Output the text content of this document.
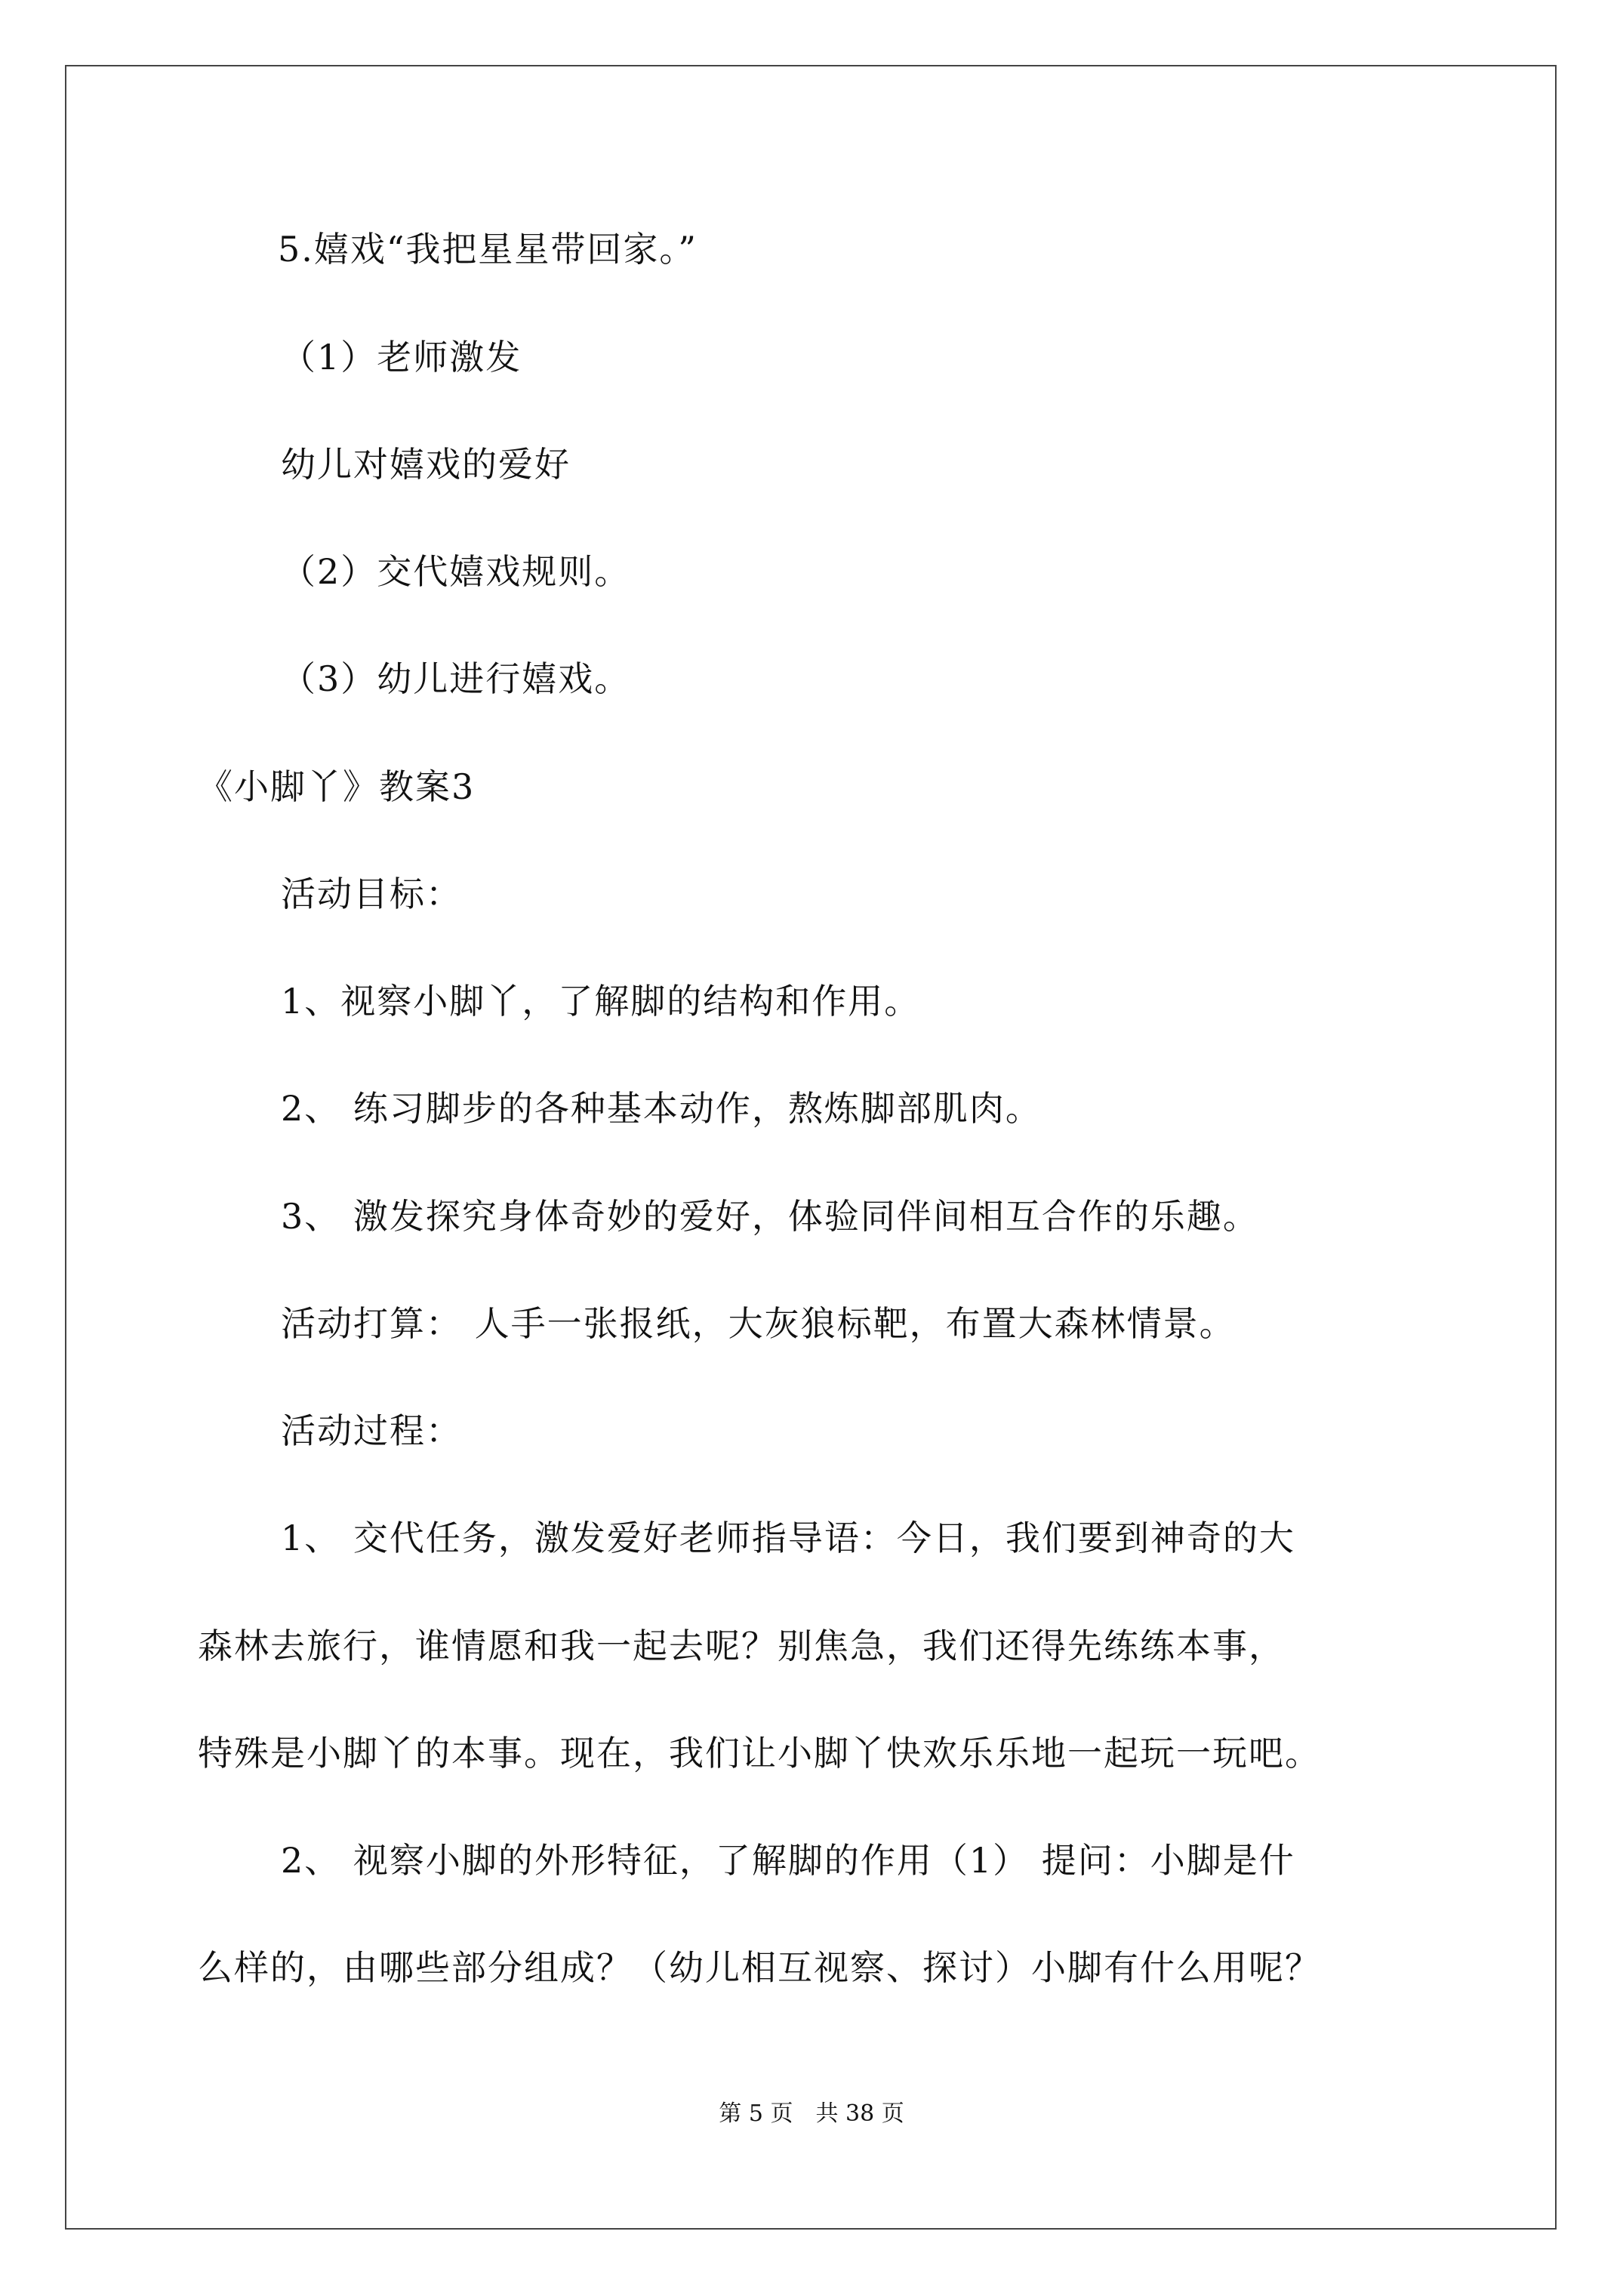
5.嬉戏“我把星星带回家。”
（1）老师激发
幼儿对嬉戏的爱好
（2）交代嬉戏规则。
（3）幼儿进行嬉戏。
《小脚丫》教案3
活动目标：
1、视察小脚丫，了解脚的结构和作用。
2、 练习脚步的各种基本动作，熬炼脚部肌肉。
3、 激发探究身体奇妙的爱好，体验同伴间相互合作的乐趣。
活动打算： 人手一张报纸，大灰狼标靶，布置大森林情景。
活动过程：
1、 交代任务，激发爱好老师指导语：今日，我们要到神奇的大
森林去旅行，谁情愿和我一起去呢？别焦急，我们还得先练练本事，
特殊是小脚丫的本事。现在，我们让小脚丫快欢乐乐地一起玩一玩吧。
2、 视察小脚的外形特征，了解脚的作用（1） 提问：小脚是什
么样的，由哪些部分组成？（幼儿相互视察、探讨）小脚有什么用呢？
第 5 页　共 38 页
